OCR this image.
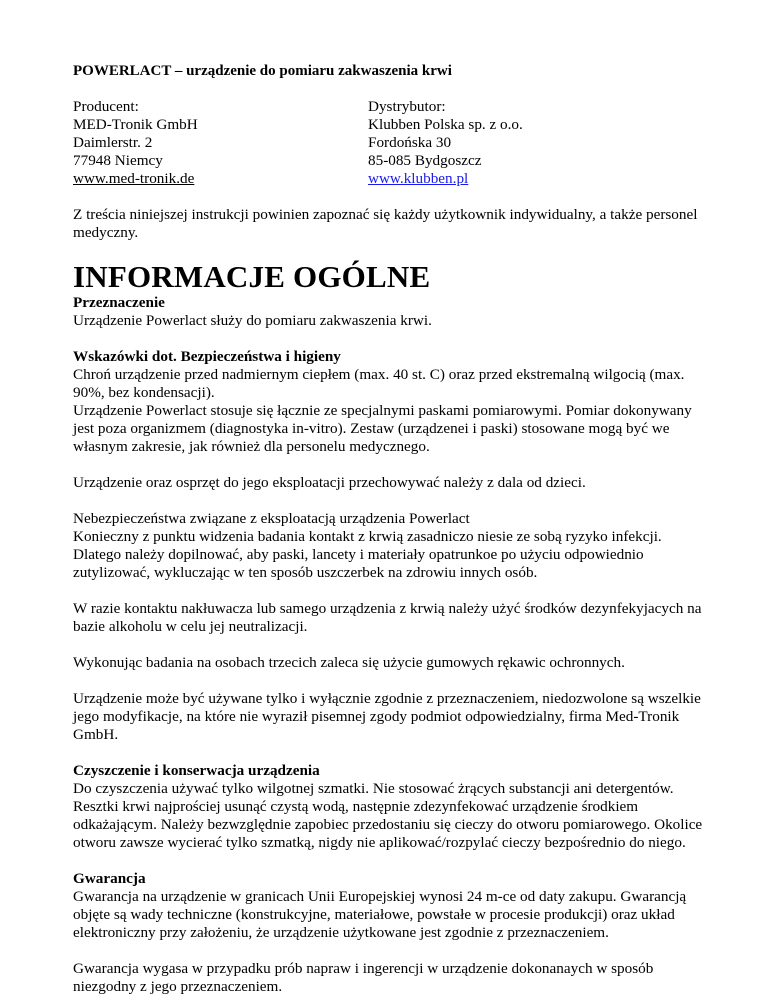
POWERLACT – urządzenie do pomiaru zakwaszenia krwi

Producent:
MED-Tronik GmbH
Daimlerstr. 2
77948 Niemcy
www.med-tronik.de
Dystrybutor:
Klubben Polska sp. z o.o.
Fordońska 30
85-085 Bydgoszcz
www.klubben.pl

Z treścia niniejszej instrukcji powinien zapoznać się każdy użytkownik indywidualny, a także personel medyczny.

INFORMACJE OGÓLNE

Przeznaczenie

Urządzenie Powerlact służy do pomiaru zakwaszenia krwi.

Wskazówki dot. Bezpieczeństwa i higieny

Chroń urządzenie przed nadmiernym ciepłem (max. 40 st. C) oraz przed ekstremalną wilgocią (max. 90%, bez kondensacji).

Urządzenie Powerlact stosuje się łącznie ze specjalnymi paskami pomiarowymi. Pomiar dokonywany jest poza organizmem (diagnostyka in-vitro). Zestaw (urządzenei i paski) stosowane mogą być we własnym zakresie, jak również dla personelu medycznego.

Urządzenie oraz osprzęt do jego eksploatacji przechowywać należy z dala od dzieci.

Nebezpieczeństwa związane z eksploatacją urządzenia Powerlact

Konieczny z punktu widzenia badania kontakt z krwią zasadniczo niesie ze sobą ryzyko infekcji. Dlatego należy dopilnować, aby paski, lancety i materiały opatrunkoe po użyciu odpowiednio zutylizować, wykluczając w ten sposób uszczerbek na zdrowiu innych osób.

W razie kontaktu nakłuwacza lub samego urządzenia z krwią należy użyć środków dezynfekyjacych na bazie alkoholu w celu jej neutralizacji.

Wykonując badania na osobach trzecich zaleca się użycie gumowych rękawic ochronnych.

Urządzenie może być używane tylko i wyłącznie zgodnie z przeznaczeniem, niedozwolone są wszelkie jego modyfikacje, na które nie wyraził pisemnej zgody podmiot odpowiedzialny, firma Med-Tronik GmbH.

Czyszczenie i konserwacja urządzenia

Do czyszczenia używać tylko wilgotnej szmatki. Nie stosować żrących substancji ani detergentów. Resztki krwi najprościej usunąć czystą wodą, następnie zdezynfekować urządzenie środkiem odkażającym. Należy bezwzględnie zapobiec przedostaniu się cieczy do otworu pomiarowego. Okolice otworu zawsze wycierać tylko szmatką, nigdy nie aplikować/rozpylać cieczy bezpośrednio do niego.

Gwarancja

Gwarancja na urządzenie w granicach Unii Europejskiej wynosi 24 m-ce od daty zakupu. Gwarancją objęte są wady techniczne (konstrukcyjne, materiałowe, powstałe w procesie produkcji) oraz układ elektroniczny przy założeniu, że urządzenie użytkowane jest zgodnie z przeznaczeniem.

Gwarancja wygasa w przypadku prób napraw i ingerencji w urządzenie dokonanaych w sposób niezgodny z jego przeznaczeniem.
